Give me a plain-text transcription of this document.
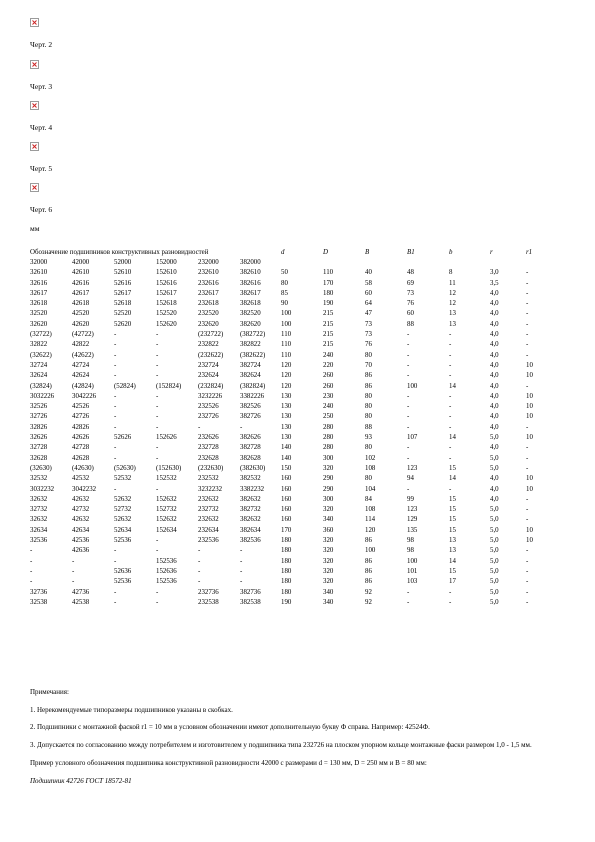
Черт. 2
Черт. 3
Черт. 4
Черт. 5
Черт. 6
мм
Обозначение подшипников конструктивных разновидностей						d	D	B	B1	b	r	r1
32000	42000	52000	152000	232000	382000							
32610	42610	52610	152610	232610	382610	50	110	40	48	8	3,0	-
32616	42616	52616	152616	232616	382616	80	170	58	69	11	3,5	-
32617	42617	52617	152617	232617	382617	85	180	60	73	12	4,0	-
32618	42618	52618	152618	232618	382618	90	190	64	76	12	4,0	-
32520	42520	52520	152520	232520	382520	100	215	47	60	13	4,0	-
32620	42620	52620	152620	232620	382620	100	215	73	88	13	4,0	-
(32722)	(42722)	-	-	(232722)	(382722)	110	215	73	-	-	4,0	-
32822	42822	-	-	232822	382822	110	215	76	-	-	4,0	-
(32622)	(42622)	-	-	(232622)	(382622)	110	240	80	-	-	4,0	-
32724	42724	-	-	232724	382724	120	220	70	-	-	4,0	10
32624	42624	-	-	232624	382624	120	260	86	-	-	4,0	10
(32824)	(42824)	(52824)	(152824)	(232824)	(382824)	120	260	86	100	14	4,0	-
3032226	3042226	-	-	3232226	3382226	130	230	80	-	-	4,0	10
32526	42526	-	-	232526	382526	130	240	80	-	-	4,0	10
32726	42726	-	-	232726	382726	130	250	80	-	-	4,0	10
32826	42826	-	-	-	-	130	280	88	-	-	4,0	-
32626	42626	52626	152626	232626	382626	130	280	93	107	14	5,0	10
32728	42728	-	-	232728	382728	140	280	80	-	-	4,0	-
32628	42628	-	-	232628	382628	140	300	102	-	-	5,0	-
(32630)	(42630)	(52630)	(152630)	(232630)	(382630)	150	320	108	123	15	5,0	-
32532	42532	52532	152532	232532	382532	160	290	80	94	14	4,0	10
3032232	3042232	-	-	3232232	3382232	160	290	104	-	-	4,0	10
32632	42632	52632	152632	232632	382632	160	300	84	99	15	4,0	-
32732	42732	52732	152732	232732	382732	160	320	108	123	15	5,0	-
32632	42632	52632	152632	232632	382632	160	340	114	129	15	5,0	-
32634	42634	52634	152634	232634	382634	170	360	120	135	15	5,0	10
32536	42536	52536	-	232536	382536	180	320	86	98	13	5,0	10
-	42636	-	-	-	-	180	320	100	98	13	5,0	-
-	-	-	152536	-	-	180	320	86	100	14	5,0	-
-	-	52636	152636	-	-	180	320	86	101	15	5,0	-
-	-	52536	152536	-	-	180	320	86	103	17	5,0	-
32736	42736	-	-	232736	382736	180	340	92	-	-	5,0	-
32538	42538	-	-	232538	382538	190	340	92	-	-	5,0	-

Примечания:

1. Нерекомендуемые типоразмеры подшипников указаны в скобках.

2. Подшипники с монтажной фаской r1 = 10 мм в условном обозначении имеют дополнительную букву Ф справа. Например: 42524Ф.

3. Допускается по согласованию между потребителем и изготовителем у подшипника типа 232726 на плоском упорном кольце монтажные фаски размером 1,0 - 1,5 мм.

Пример условного обозначения подшипника конструктивной разновидности 42000 с размерами d = 130 мм, D = 250 мм и B = 80 мм:

Подшипник 42726 ГОСТ 18572-81
